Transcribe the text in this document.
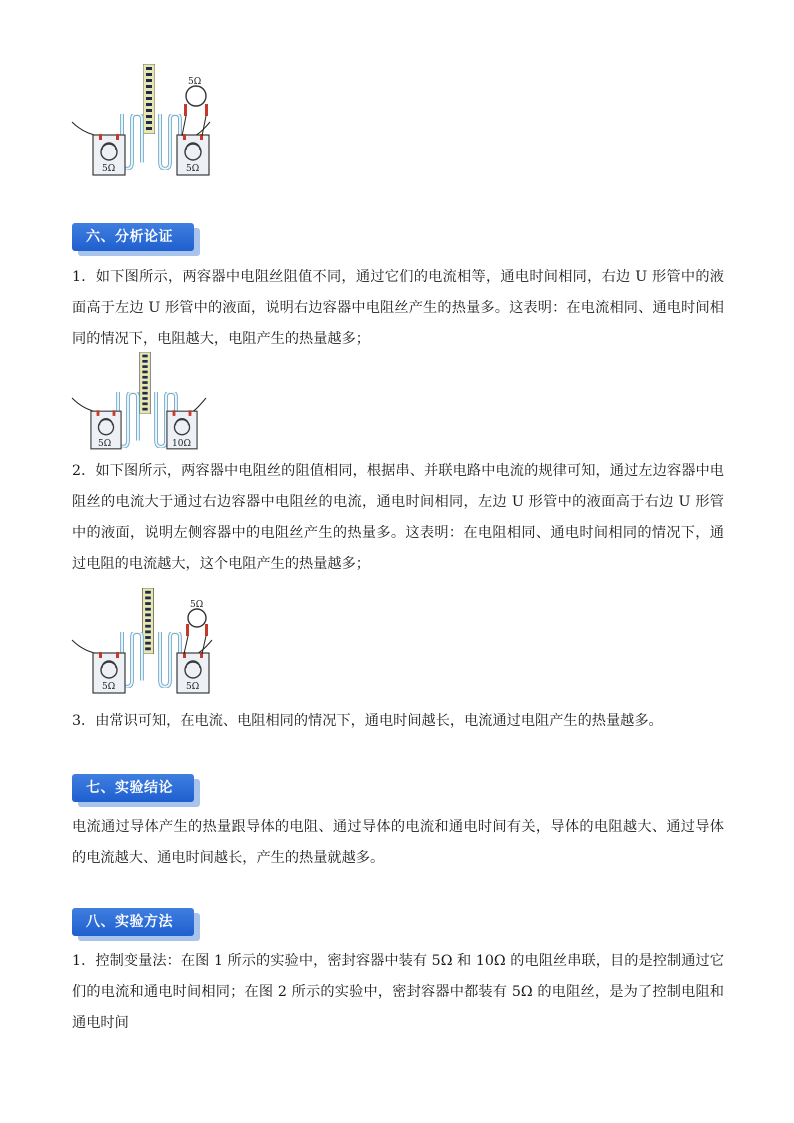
5Ω
5Ω	5Ω
六、分析论证

1．如下图所示，两容器中电阻丝阻值不同，通过它们的电流相等，通电时间相同，右边 U 形管中的液面高于左边 U 形管中的液面，说明右边容器中电阻丝产生的热量多。这表明：在电流相同、通电时间相同的情况下，电阻越大，电阻产生的热量越多；

5Ω	10Ω

2．如下图所示，两容器中电阻丝的阻值相同，根据串、并联电路中电流的规律可知，通过左边容器中电阻丝的电流大于通过右边容器中电阻丝的电流，通电时间相同，左边 U 形管中的液面高于右边 U 形管中的液面，说明左侧容器中的电阻丝产生的热量多。这表明：在电阻相同、通电时间相同的情况下，通过电阻的电流越大，这个电阻产生的热量越多；

5Ω
5Ω	5Ω

3．由常识可知，在电流、电阻相同的情况下，通电时间越长，电流通过电阻产生的热量越多。

七、实验结论

电流通过导体产生的热量跟导体的电阻、通过导体的电流和通电时间有关，导体的电阻越大、通过导体的电流越大、通电时间越长，产生的热量就越多。

八、实验方法

1．控制变量法：在图 1 所示的实验中，密封容器中装有 5Ω 和 10Ω 的电阻丝串联，目的是控制通过它们的电流和通电时间相同；在图 2 所示的实验中，密封容器中都装有 5Ω 的电阻丝，是为了控制电阻和通电时间
